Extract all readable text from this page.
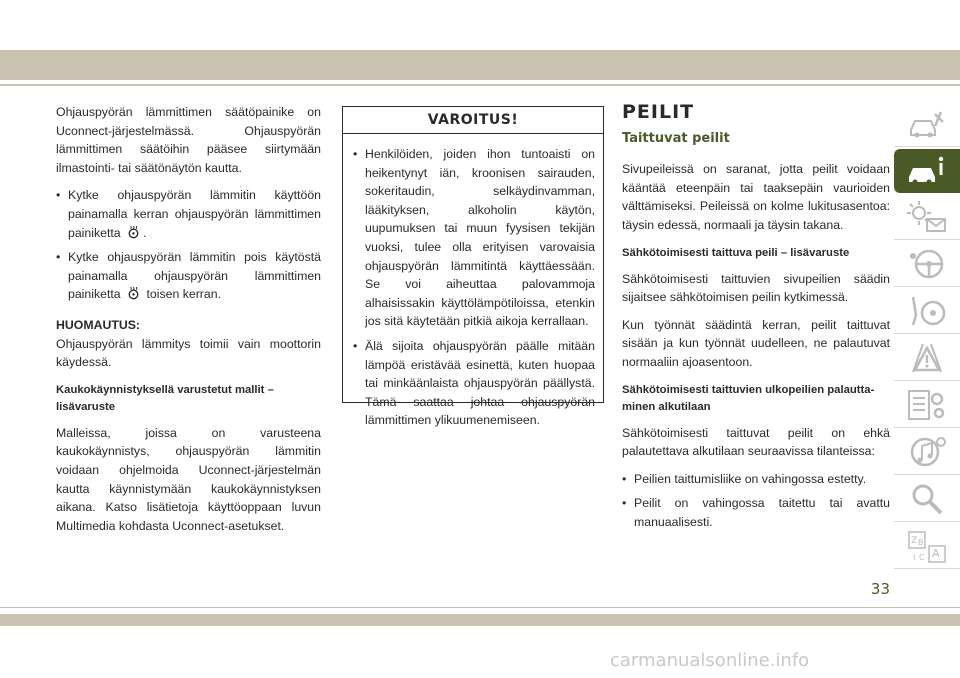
Ohjauspyörän lämmittimen säätöpainike on Uconnect-järjestelmässä. Ohjauspyörän lämmittimen säätöihin pääsee siirtymään ilmastointi- tai säätönäytön kautta.

• Kytke ohjauspyörän lämmitin käyttöön painamalla kerran ohjauspyörän lämmittimen painiketta .
• Kytke ohjauspyörän lämmitin pois käytöstä painamalla ohjauspyörän lämmittimen painiketta toisen kerran.
HUOMAUTUS:

Ohjauspyörän lämmitys toimii vain moottorin käydessä.

Kaukokäynnistyksellä varustetut mallit – lisävaruste

Malleissa, joissa on varusteena kaukokäynnistys, ohjauspyörän lämmitin voidaan ohjelmoida Uconnect-järjestelmän kautta käynnistymään kaukokäynnistyksen aikana. Katso lisätietoja käyttöoppaan luvun Multimedia kohdasta Uconnect-asetukset.

VAROITUS!
• Henkilöiden, joiden ihon tuntoaisti on heikentynyt iän, kroonisen sairauden, sokeritaudin, selkäydinvamman, lääkityksen, alkoholin käytön, uupumuksen tai muun fyysisen tekijän vuoksi, tulee olla erityisen varovaisia ohjauspyörän lämmitintä käyttäessään. Se voi aiheuttaa palovammoja alhaisissakin käyttölämpötiloissa, etenkin jos sitä käytetään pitkiä aikoja kerrallaan.
• Älä sijoita ohjauspyörän päälle mitään lämpöä eristävää esinettä, kuten huopaa tai minkäänlaista ohjauspyörän päällystä. Tämä saattaa johtaa ohjauspyörän lämmittimen ylikuumenemiseen.
PEILIT
Taittuvat peilit

Sivupeileissä on saranat, jotta peilit voidaan kääntää eteenpäin tai taaksepäin vaurioiden välttämiseksi. Peileissä on kolme lukitusasentoa: täysin edessä, normaali ja täysin takana.

Sähkötoimisesti taittuva peili – lisävaruste

Sähkötoimisesti taittuvien sivupeilien säädin sijaitsee sähkötoimisen peilin kytkimessä.

Kun työnnät säädintä kerran, peilit taittuvat sisään ja kun työnnät uudelleen, ne palautuvat normaaliin ajoasentoon.

Sähkötoimisesti taittuvien ulkopeilien palauttaminen alkutilaan

Sähkötoimisesti taittuvat peilit on ehkä palautettava alkutilaan seuraavissa tilanteissa:

• Peilien taittumisliike on vahingossa estetty.
• Peilit on vahingossa taitettu tai avattu manuaalisesti.
Z B
A
I C
33
carmanualsonline.info
